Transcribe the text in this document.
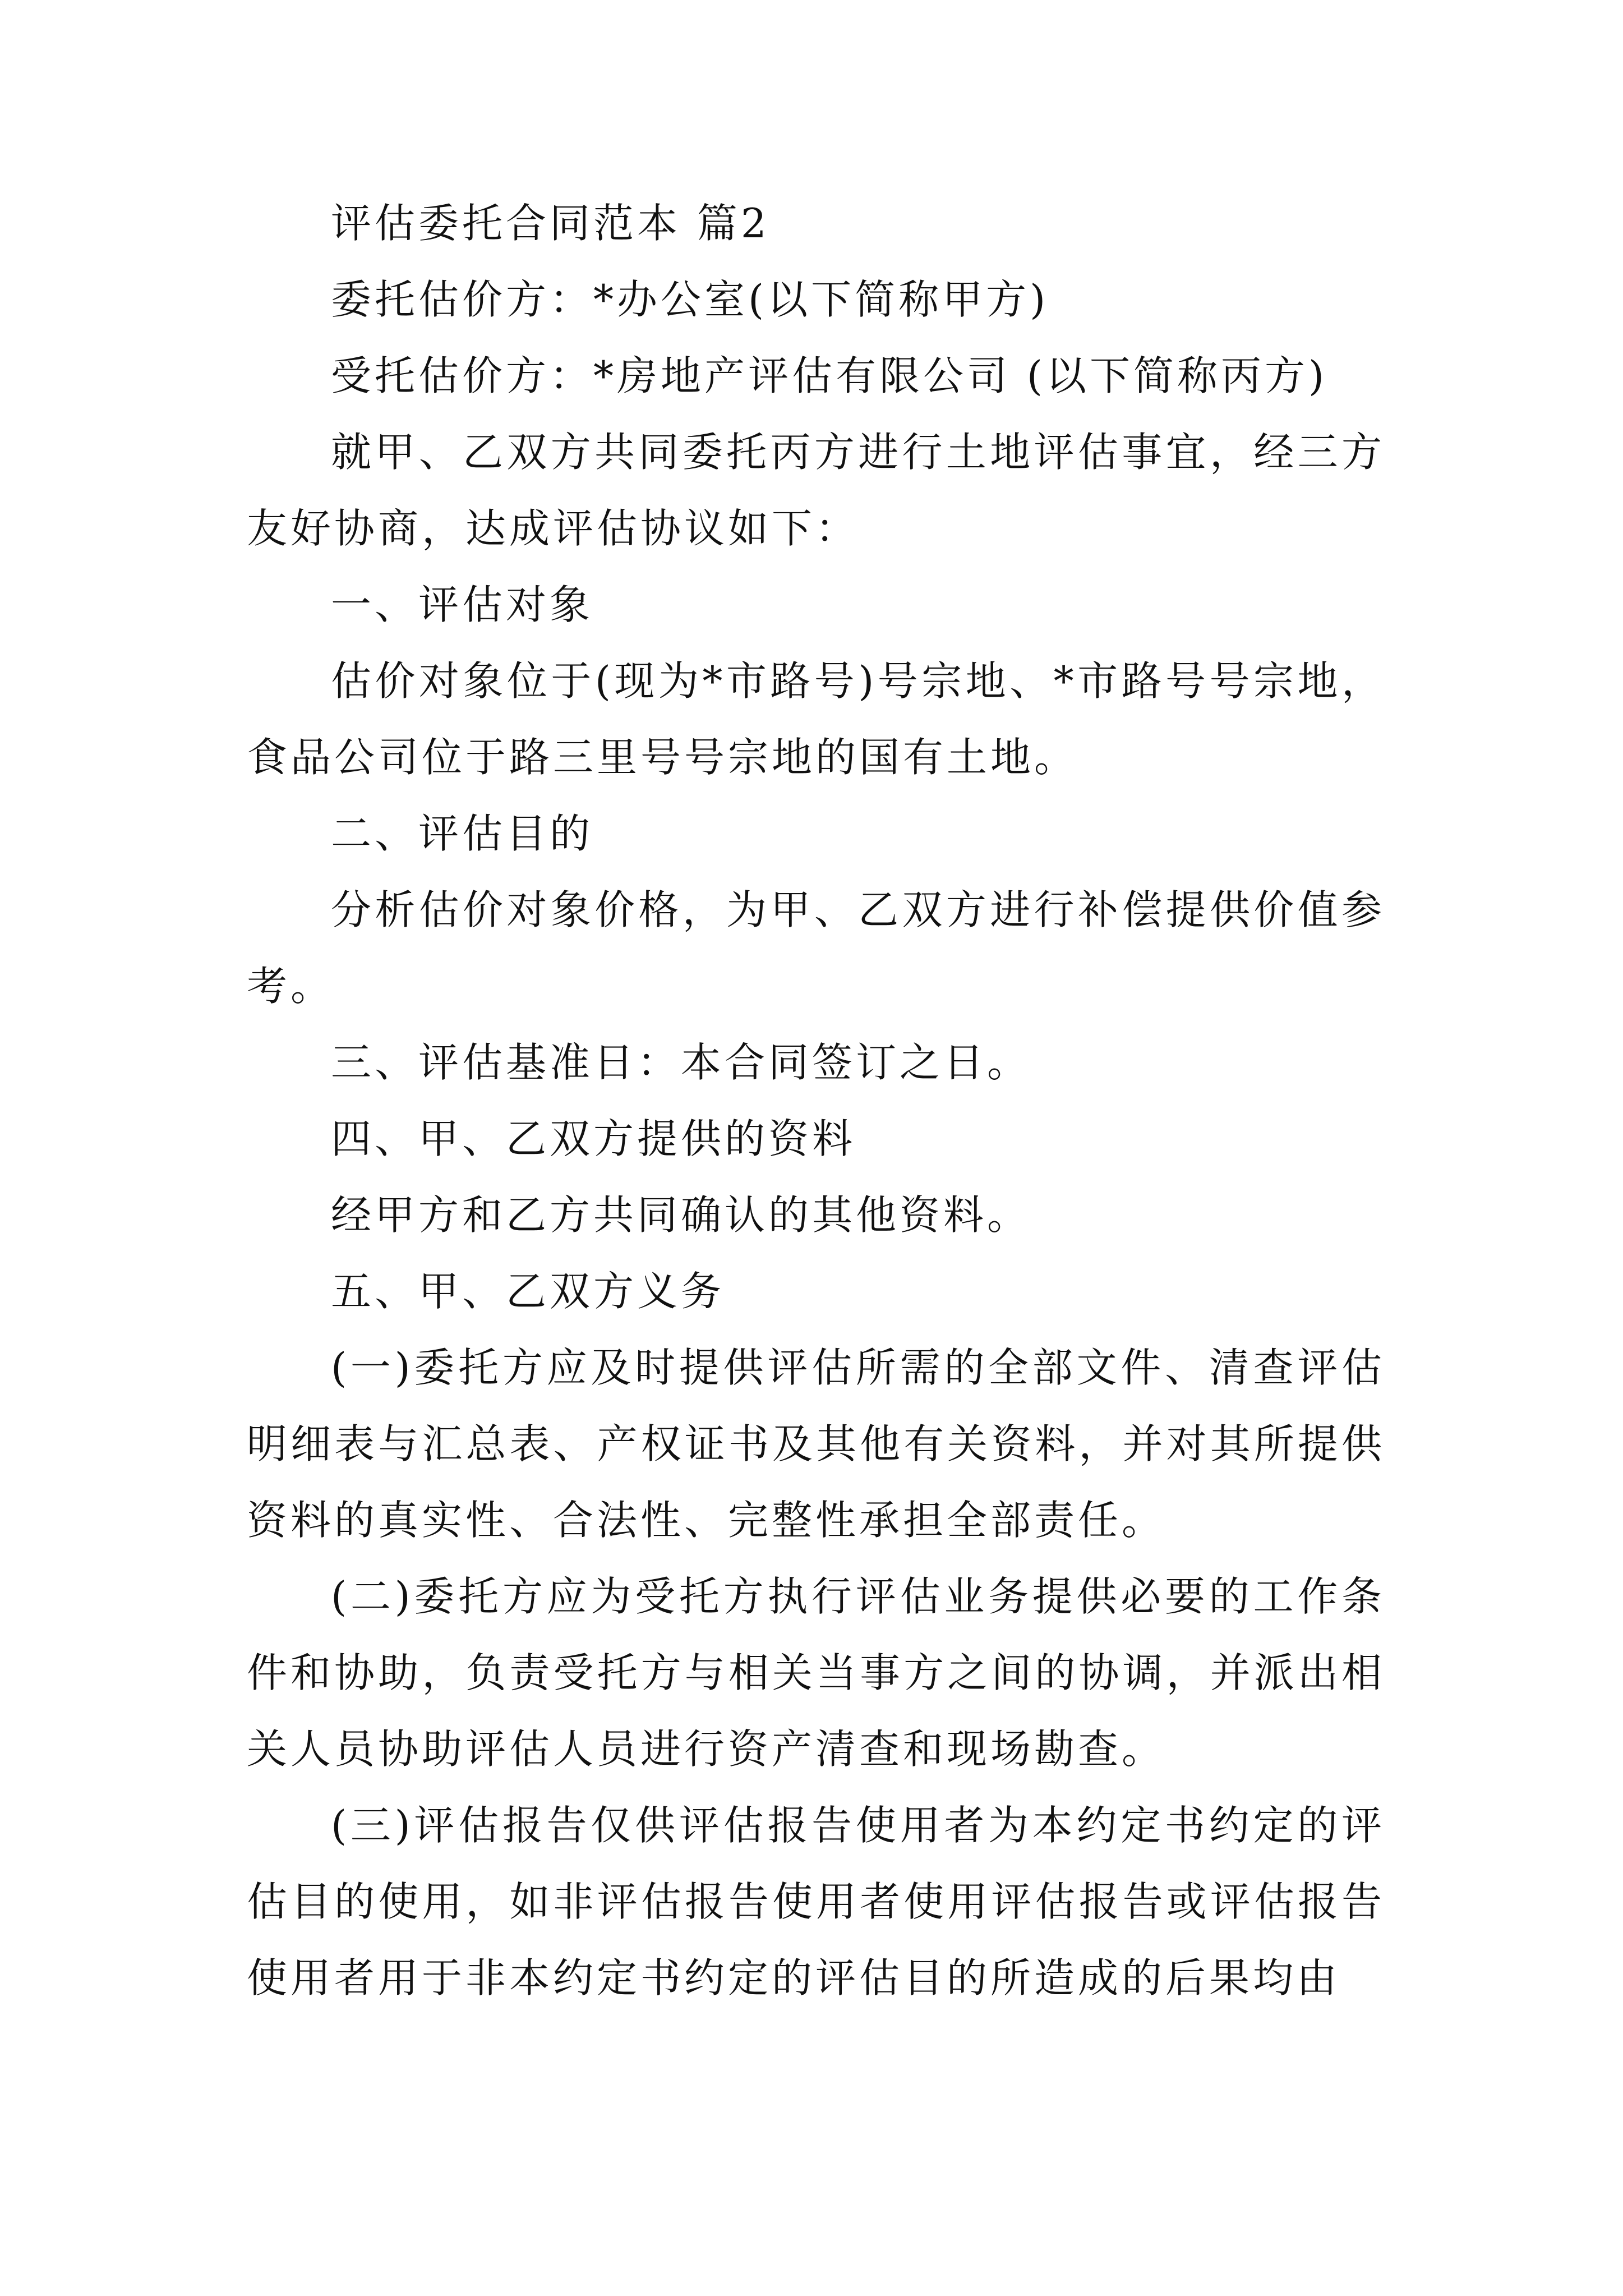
评估委托合同范本 篇2

委托估价方：*办公室(以下简称甲方)

受托估价方：*房地产评估有限公司 (以下简称丙方)

就甲、乙双方共同委托丙方进行土地评估事宜，经三方友好协商，达成评估协议如下：

一、评估对象

估价对象位于(现为*市路号)号宗地、*市路号号宗地，食品公司位于路三里号号宗地的国有土地。

二、评估目的

分析估价对象价格，为甲、乙双方进行补偿提供价值参考。

三、评估基准日：本合同签订之日。

四、甲、乙双方提供的资料

经甲方和乙方共同确认的其他资料。

五、甲、乙双方义务

(一)委托方应及时提供评估所需的全部文件、清查评估明细表与汇总表、产权证书及其他有关资料，并对其所提供资料的真实性、合法性、完整性承担全部责任。

(二)委托方应为受托方执行评估业务提供必要的工作条件和协助，负责受托方与相关当事方之间的协调，并派出相关人员协助评估人员进行资产清查和现场勘查。

(三)评估报告仅供评估报告使用者为本约定书约定的评估目的使用，如非评估报告使用者使用评估报告或评估报告使用者用于非本约定书约定的评估目的所造成的后果均由
